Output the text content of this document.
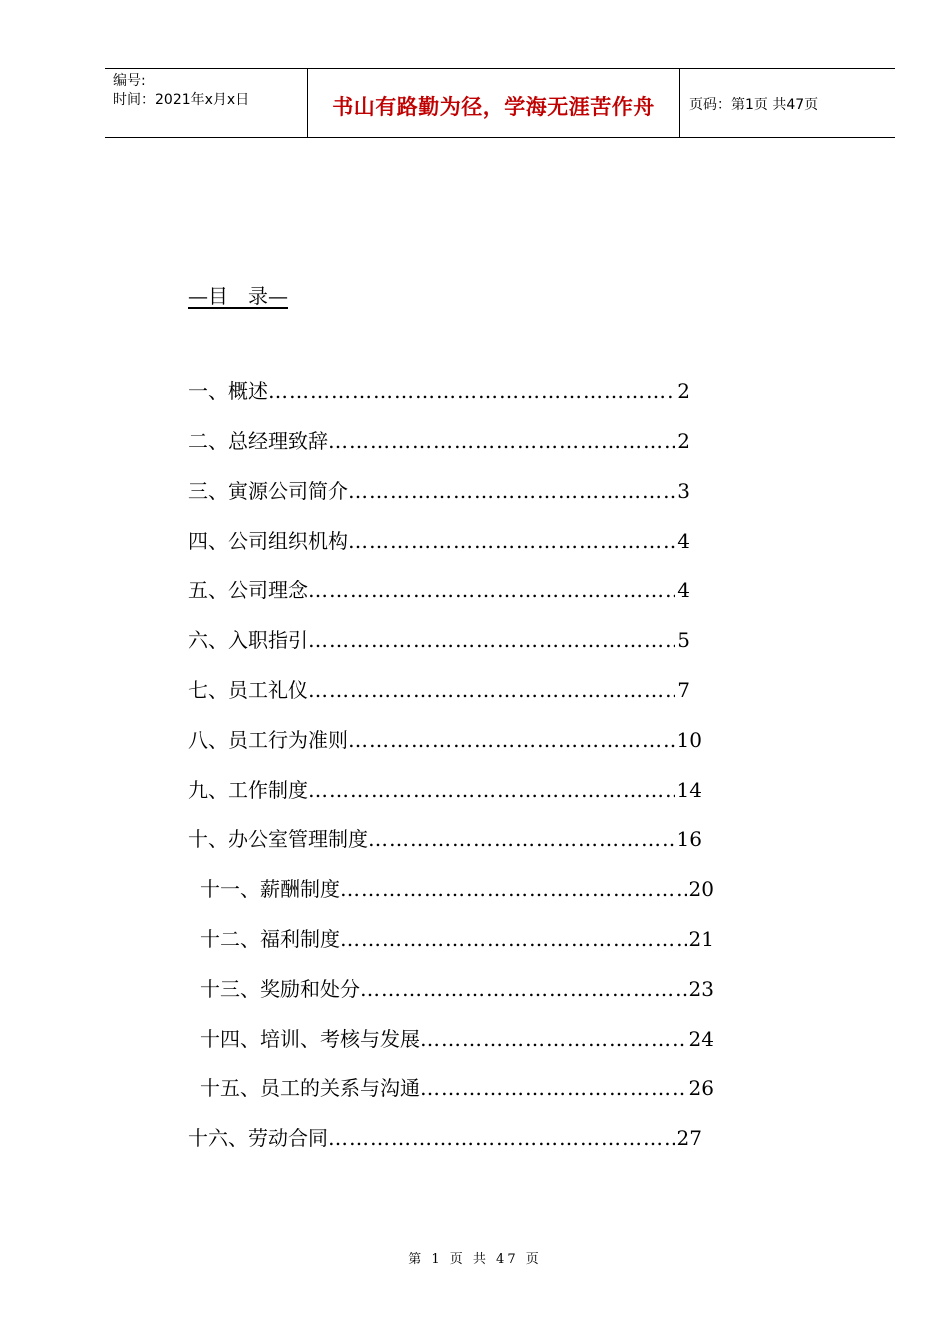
编号:
时间：2021年x月x日	书山有路勤为径，学海无涯苦作舟	页码：第1页 共47页
—目　录—
一、概述 ……………………………………………………………………………………………………………	2
二、总经理致辞 ……………………………………………………………………………………………………………	2
三、寅源公司简介 ……………………………………………………………………………………………………………	3
四、公司组织机构 ……………………………………………………………………………………………………………	4
五、公司理念 ……………………………………………………………………………………………………………	4
六、入职指引 ……………………………………………………………………………………………………………	5
七、员工礼仪 ……………………………………………………………………………………………………………	7
八、员工行为准则 ……………………………………………………………………………………………………………	10
九、工作制度 ……………………………………………………………………………………………………………	14
十、办公室管理制度 ……………………………………………………………………………………………………………	16
十一、薪酬制度 ……………………………………………………………………………………………………………	20
十二、福利制度 ……………………………………………………………………………………………………………	21
十三、奖励和处分 ……………………………………………………………………………………………………………	23
十四、培训、考核与发展 ……………………………………………………………………………………………………………	24
十五、员工的关系与沟通 ……………………………………………………………………………………………………………	26
十六、劳动合同 ……………………………………………………………………………………………………………	27
第 1 页 共 47 页
